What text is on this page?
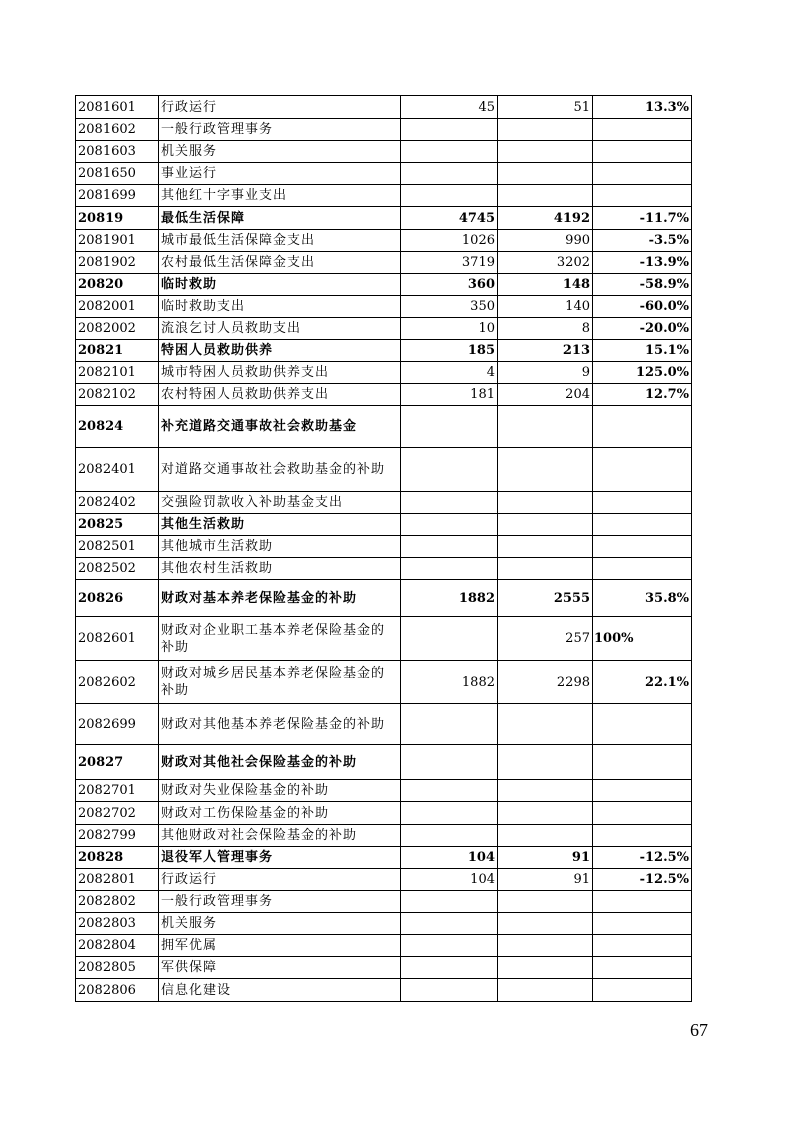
2081601	行政运行	45	51	13.3%
2081602	一般行政管理事务			
2081603	机关服务			
2081650	事业运行			
2081699	其他红十字事业支出			
20819	最低生活保障	4745	4192	-11.7%
2081901	城市最低生活保障金支出	1026	990	-3.5%
2081902	农村最低生活保障金支出	3719	3202	-13.9%
20820	临时救助	360	148	-58.9%
2082001	临时救助支出	350	140	-60.0%
2082002	流浪乞讨人员救助支出	10	8	-20.0%
20821	特困人员救助供养	185	213	15.1%
2082101	城市特困人员救助供养支出	4	9	125.0%
2082102	农村特困人员救助供养支出	181	204	12.7%
20824	补充道路交通事故社会救助基金			
2082401	对道路交通事故社会救助基金的补助			
2082402	交强险罚款收入补助基金支出			
20825	其他生活救助			
2082501	其他城市生活救助			
2082502	其他农村生活救助			
20826	财政对基本养老保险基金的补助	1882	2555	35.8%
2082601	财政对企业职工基本养老保险基金的补助		257	100%
2082602	财政对城乡居民基本养老保险基金的补助	1882	2298	22.1%
2082699	财政对其他基本养老保险基金的补助			
20827	财政对其他社会保险基金的补助			
2082701	财政对失业保险基金的补助			
2082702	财政对工伤保险基金的补助			
2082799	其他财政对社会保险基金的补助			
20828	退役军人管理事务	104	91	-12.5%
2082801	行政运行	104	91	-12.5%
2082802	一般行政管理事务			
2082803	机关服务			
2082804	拥军优属			
2082805	军供保障			
2082806	信息化建设			
67
